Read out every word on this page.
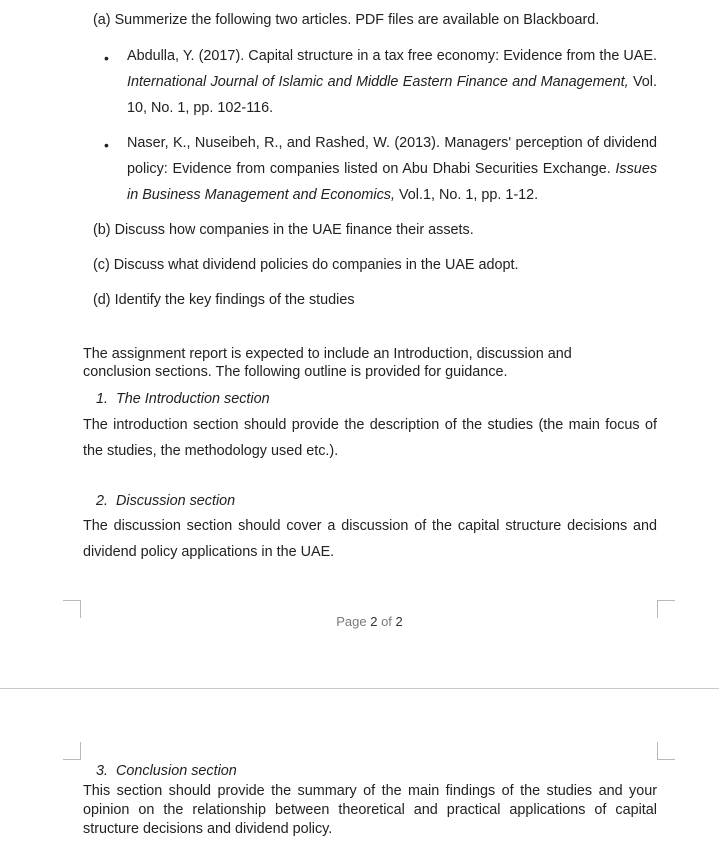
(a) Summerize the following two articles. PDF files are available on Blackboard.
• Abdulla, Y. (2017). Capital structure in a tax free economy: Evidence from the UAE. International Journal of Islamic and Middle Eastern Finance and Management, Vol. 10, No. 1, pp. 102-116.
• Naser, K., Nuseibeh, R., and Rashed, W. (2013). Managers' perception of dividend policy: Evidence from companies listed on Abu Dhabi Securities Exchange. Issues in Business Management and Economics, Vol.1, No. 1, pp. 1-12.
(b) Discuss how companies in the UAE finance their assets.
(c) Discuss what dividend policies do companies in the UAE adopt.
(d) Identify the key findings of the studies
The assignment report is expected to include an Introduction, discussion and conclusion sections. The following outline is provided for guidance.
1. The Introduction section
The introduction section should provide the description of the studies (the main focus of the studies, the methodology used etc.).
2. Discussion section
The discussion section should cover a discussion of the capital structure decisions and dividend policy applications in the UAE.
Page 2 of 2
3. Conclusion section
This section should provide the summary of the main findings of the studies and your opinion on the relationship between theoretical and practical applications of capital structure decisions and dividend policy.
